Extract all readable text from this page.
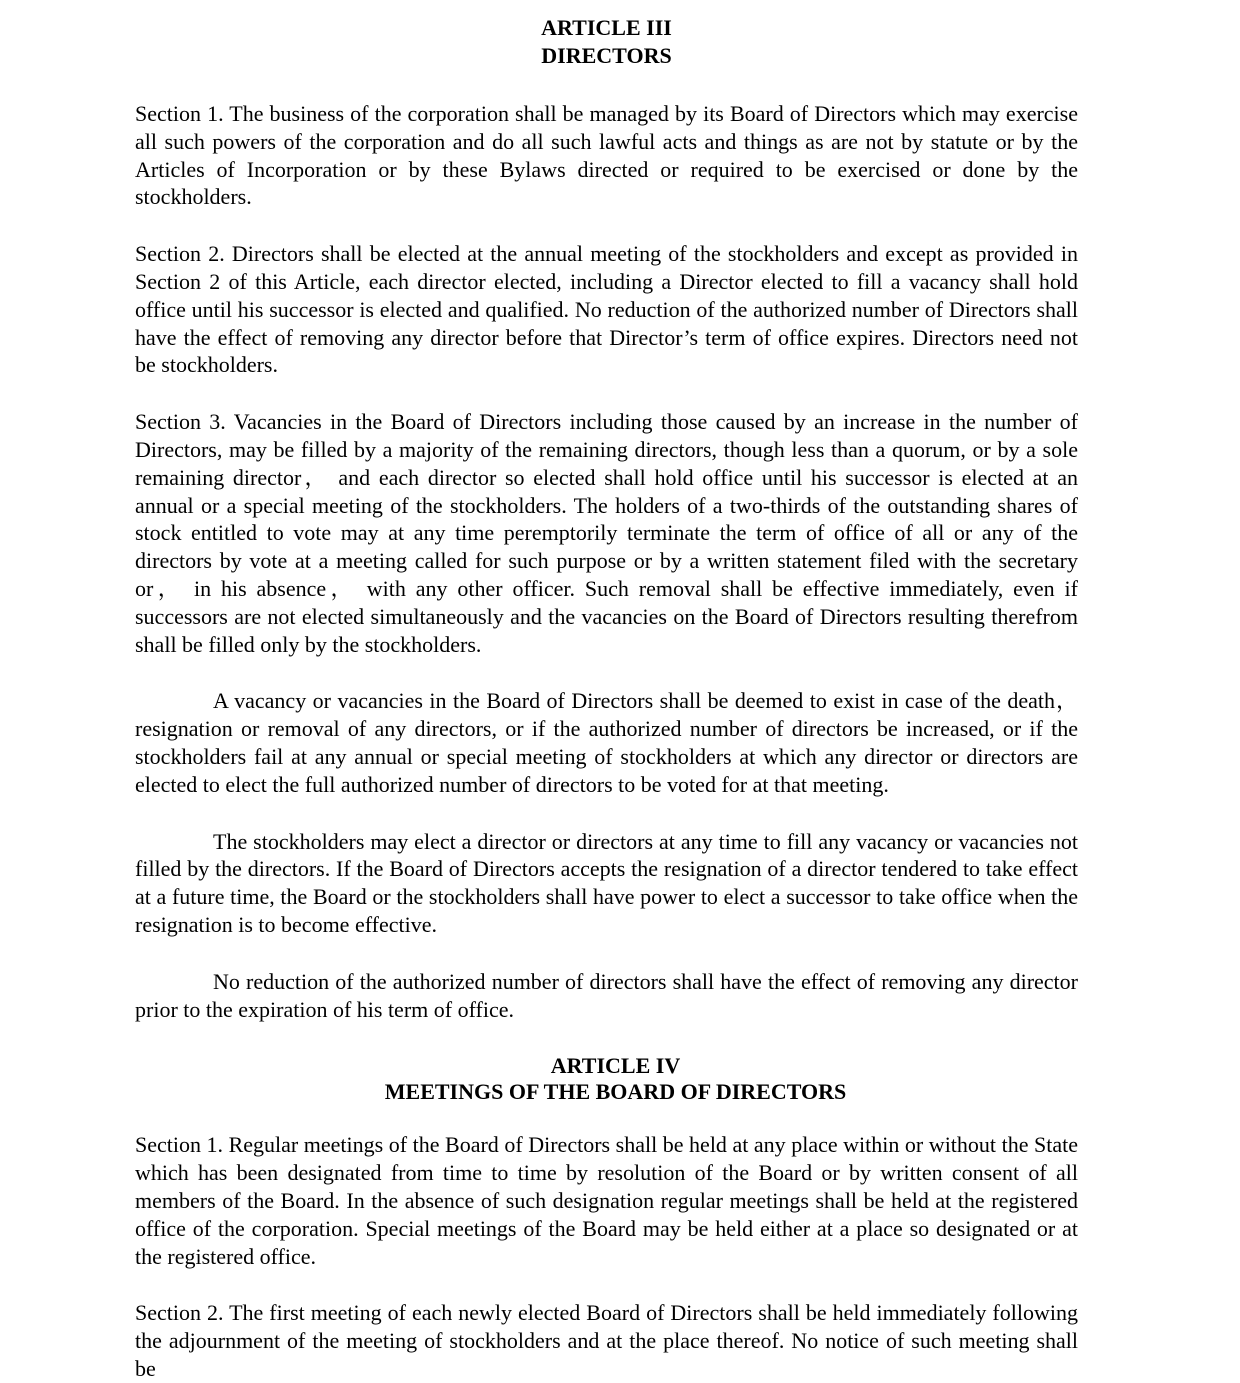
ARTICLE III
DIRECTORS

Section 1. The business of the corporation shall be managed by its Board of Directors which may exercise all such powers of the corporation and do all such lawful acts and things as are not by statute or by the Articles of Incorporation or by these Bylaws directed or required to be exercised or done by the stockholders.

Section 2. Directors shall be elected at the annual meeting of the stockholders and except as provided in Section 2 of this Article, each director elected, including a Director elected to fill a vacancy shall hold office until his successor is elected and qualified. No reduction of the authorized number of Directors shall have the effect of removing any director before that Director’s term of office expires. Directors need not be stockholders.

Section 3. Vacancies in the Board of Directors including those caused by an increase in the number of Directors, may be filled by a majority of the remaining directors, though less than a quorum, or by a sole remaining director， and each director so elected shall hold office until his successor is elected at an annual or a special meeting of the stockholders. The holders of a two-thirds of the outstanding shares of stock entitled to vote may at any time peremptorily terminate the term of office of all or any of the directors by vote at a meeting called for such purpose or by a written statement filed with the secretary or， in his absence， with any other officer. Such removal shall be effective immediately, even if successors are not elected simultaneously and the vacancies on the Board of Directors resulting therefrom shall be filled only by the stockholders.

A vacancy or vacancies in the Board of Directors shall be deemed to exist in case of the death， resignation or removal of any directors, or if the authorized number of directors be increased, or if the stockholders fail at any annual or special meeting of stockholders at which any director or directors are elected to elect the full authorized number of directors to be voted for at that meeting.

The stockholders may elect a director or directors at any time to fill any vacancy or vacancies not filled by the directors. If the Board of Directors accepts the resignation of a director tendered to take effect at a future time, the Board or the stockholders shall have power to elect a successor to take office when the resignation is to become effective.

No reduction of the authorized number of directors shall have the effect of removing any director prior to the expiration of his term of office.

ARTICLE IV
MEETINGS OF THE BOARD OF DIRECTORS

Section 1. Regular meetings of the Board of Directors shall be held at any place within or without the State which has been designated from time to time by resolution of the Board or by written consent of all members of the Board. In the absence of such designation regular meetings shall be held at the registered office of the corporation. Special meetings of the Board may be held either at a place so designated or at the registered office.

Section 2. The first meeting of each newly elected Board of Directors shall be held immediately following the adjournment of the meeting of stockholders and at the place thereof. No notice of such meeting shall be
